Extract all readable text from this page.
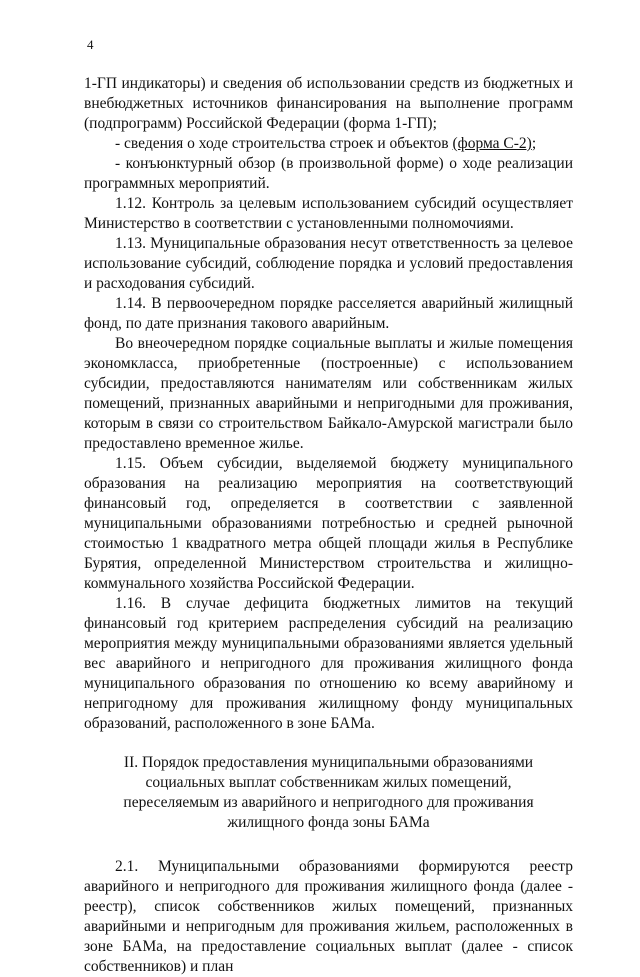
4

1-ГП индикаторы) и сведения об использовании средств из бюджетных и внебюджетных источников финансирования на выполнение программ (подпрограмм) Российской Федерации (форма 1-ГП);

- сведения о ходе строительства строек и объектов (форма С-2);

- конъюнктурный обзор (в произвольной форме) о ходе реализации программных мероприятий.

1.12. Контроль за целевым использованием субсидий осуществляет Министерство в соответствии с установленными полномочиями.

1.13. Муниципальные образования несут ответственность за целевое использование субсидий, соблюдение порядка и условий предоставления и расходования субсидий.

1.14. В первоочередном порядке расселяется аварийный жилищный фонд, по дате признания такового аварийным.

Во внеочередном порядке социальные выплаты и жилые помещения экономкласса, приобретенные (построенные) с использованием субсидии, предоставляются нанимателям или собственникам жилых помещений, признанных аварийными и непригодными для проживания, которым в связи со строительством Байкало-Амурской магистрали было предоставлено временное жилье.

1.15. Объем субсидии, выделяемой бюджету муниципального образования на реализацию мероприятия на соответствующий финансовый год, определяется в соответствии с заявленной муниципальными образованиями потребностью и средней рыночной стоимостью 1 квадратного метра общей площади жилья в Республике Бурятия, определенной Министерством строительства и жилищно-коммунального хозяйства Российской Федерации.

1.16. В случае дефицита бюджетных лимитов на текущий финансовый год критерием распределения субсидий на реализацию мероприятия между муниципальными образованиями является удельный вес аварийного и непригодного для проживания жилищного фонда муниципального образования по отношению ко всему аварийному и непригодному для проживания жилищному фонду муниципальных образований, расположенного в зоне БАМа.

II. Порядок предоставления муниципальными образованиями
социальных выплат собственникам жилых помещений,
переселяемым из аварийного и непригодного для проживания
жилищного фонда зоны БАМа

2.1. Муниципальными образованиями формируются реестр аварийного и непригодного для проживания жилищного фонда (далее - реестр), список собственников жилых помещений, признанных аварийными и непригодным для проживания жильем, расположенных в зоне БАМа, на предоставление социальных выплат (далее - список собственников) и план
